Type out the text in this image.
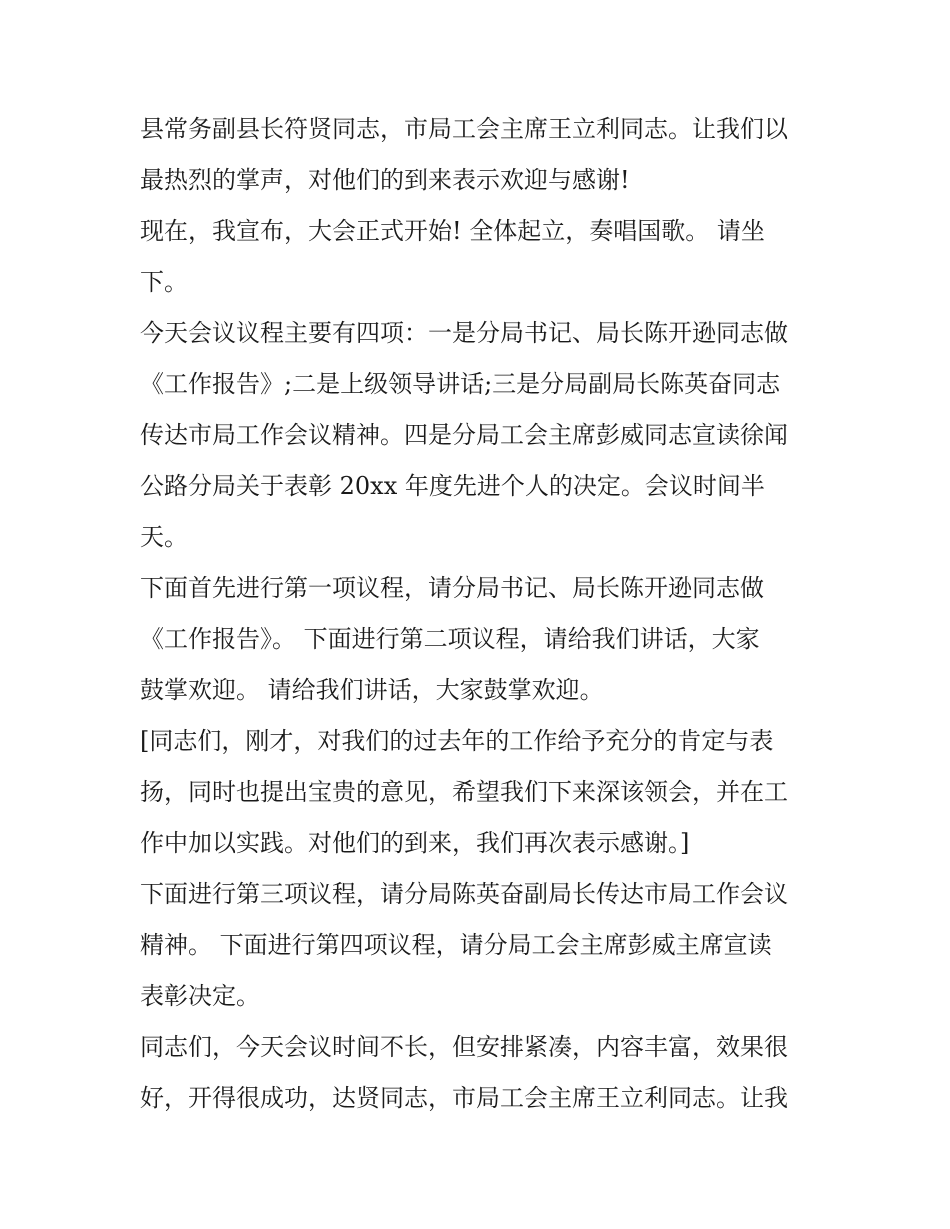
县常务副县长符贤同志，市局工会主席王立利同志。让我们以
最热烈的掌声，对他们的到来表示欢迎与感谢!
现在，我宣布，大会正式开始! 全体起立，奏唱国歌。 请坐
下。
今天会议议程主要有四项：一是分局书记、局长陈开逊同志做
《工作报告》;二是上级领导讲话;三是分局副局长陈英奋同志
传达市局工作会议精神。四是分局工会主席彭威同志宣读徐闻
公路分局关于表彰 20xx 年度先进个人的决定。会议时间半
天。
下面首先进行第一项议程，请分局书记、局长陈开逊同志做
《工作报告》。 下面进行第二项议程，请给我们讲话，大家
鼓掌欢迎。 请给我们讲话，大家鼓掌欢迎。
[同志们，刚才，对我们的过去年的工作给予充分的肯定与表
扬，同时也提出宝贵的意见，希望我们下来深该领会，并在工
作中加以实践。对他们的到来，我们再次表示感谢。]
下面进行第三项议程，请分局陈英奋副局长传达市局工作会议
精神。 下面进行第四项议程，请分局工会主席彭威主席宣读
表彰决定。
同志们，今天会议时间不长，但安排紧凑，内容丰富，效果很
好，开得很成功，达贤同志，市局工会主席王立利同志。让我
